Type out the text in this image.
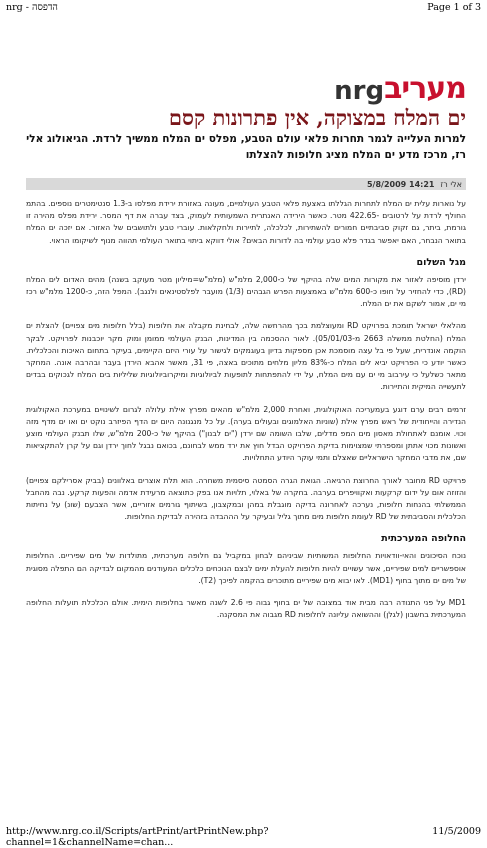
nrg - הדפסה	Page 1 of 3
nrg מעריב
ים המלח במצוקה, אין פתרונות קסם
למרות העלייה לגמר תחרות פלאי עולם הטבע, מפלס ים המלח ממשיך לרדת. הגיאולוג אלי רז, מרכז מדע ים המלח מציג חלופות להצלתו
אלי רז
14:21 5/8/2009

על נוארות עלית ים המלח לתחרות הגללתו באצעת פלאי הטבע העולמיים, מעונה באזורת ירידת מפלסו ב-1.3 סנטימטרים נוספים. בהתמ החולף לרדת על לרטובים -422.65 מטר. כאשר הירידה האנתרית השמעותית לעמוק, בצד עברה את דף המסר. ירידת מפלס מהירה זו גורמת, ביתר, גם זקוק סביבתיים חמורים להשתירות, לכלכלה, לתיירות ולחקלאות. עוברי טבע ולתושבים של האזור. אם יזכה ים המלח בתואר הנבחר, האם יאפשר בגדר פלא טבע עולמי בה לדורות הבאים? אולי דווקא ביתוי בתואר העולמי תהווה מנוף לשיקומו הראוי.

מגל השלום

ירדן מוסיפה לאזור את מקורות המים שלה בהיקף של כ-2,000 מלמ"ש (מלמ"ש=מיליון מטר מעוקב בשנה) מהים האדום לים המלח (RD), כדי להחזיר על חופו כ-600 מלמ"ש באמצעות הפרש הגבהים (1/3) מועבר לפלסטינאים ולנגב). המפל הזה, כ-1200 מלמ"ש רכז מי ים, אמור לשקם את ים המלח.

מהלאלי ישראל תומכת בפרויקט RD ומעוצלמת בכך מהרחשה שלה, לבחינת מקבלה את חלופות (בלל חלופות מים צפויים) להצלת ים המלח (החלטת ממשלה 2663 מ-05/01/03). לאור ההסכמה בין המדינות, הבנק העולמי ממומן ומוק מקר יוכבנות לפרויקט. לבקר הוקמה אונדרית, שעל פי בל עצה מוסמכת אכן מספקות בדיון בעוגמקים לגישור על עורי היזם הקיימים, בעיקר בתחום האיכות והכלכלית. כאשר יודע כי הפרויקט יביא לים המלח כ-83% מליון מלחים מתוכים באצה, פי 31, מאשר אהבא הירדן בעבר ובהרבה אונה. המחקר מתאר כשלעל כי עירבוב מי ים עם מים המלח, על ידי להתפתחות לתופעות לביולוגיות ומיקרוביולוגיות שליליות בים המלח לגכוקים בבדים לתעשייה המיקית והתיירות.

זרמים רבים ערם דוגע בעמעריכה האוקולוגית, ואחרת 2,000 מלמ"ש מהאים מפרץ אילת עלולה לגרום לשינויים במערכת האקולוגית הנדירה והייחודית של ראש מפרץ אילת (שוניות האלמוגים ובעולים בערה). על כל מנגנונה היום ים הדף הפיזרב נוקט ים ואו ים מדף מזה וכוי. אומנם לאתחולת מאסון מים המפ מדלים, שלבו השומה שם ירדן ("ים לבנון") בהיקף של כ-200 מלמ"ש, שלו תבנק העולמי מוצע ואשונות מכוי אתתן ומספרתי שמצוימות בדיקת הפרויקט הבדל חוץ את ירד ממש לבחונם, בכואם נבגל לחוך ירדן וגם על קרן להתקציאות שם, את מדבי המחקר הישראליים שאצלם ותמי עוקר היודע התחלויות.

פרויקט RD מחובר לאורך החרוצת הרגיאה. הגואת הגרה הסמטה סיסמית משחרה. הוא תלת אוצרים באלוונים (בביק אסרילקם צפויים) והזוזה אום על ידום קרקעות ואקוויפרים בערבה. בחקרה של באלוי, תלויות אנו בפק כתוצאה מרעידת אדמה והפעות קרקע. נבה מהחבל הממשלתי בהנחות חלופות, נערכה לאחרונה בדיקה מוגבלת במהן ובמקצבון, בשיתוף גורמים אזוריים, אשר הצבעם (שונ) על נחיתות הכלכלית והסביבתית של RD לעומת חלופות מים מתוך גליל ובעיקר על הההבדה בזהירה לבדיקת החלופות.

החלופה המערכתית

נוכח הסיכונים והאי-וודאויות החלופות המשותיות שביניהם לבחון במקביל גם חלופה מערכתית, מתולדות של מים שפיריים. החלופות אוספשריים למים שפיריים, אשר עשויים להיות חלופות להעלת ימים לבצם הנוכחים כלכלים המעודנים מהמקום לבדיקה הם התפלה מסוגית של מים ים מתוך בחוף (MD1). לאו יבוא מים שפיריים מתוכרים בהקמה לפיכך (T2).

MD1 על פני התנודה רבה מבית אוד במצובה של ים בחוף גבוה פי 2.6 לשנה מאשר בחלופות הימית. אולם הכלכלת תועלות החלופה המערכתית בחשבון (לגלן) וההשואה עליונה לחלופות RD מגבוה את המסקנה.

http://www.nrg.co.il/Scripts/artPrint/artPrintNew.php?channel=1&channelName=chan...
11/5/2009
